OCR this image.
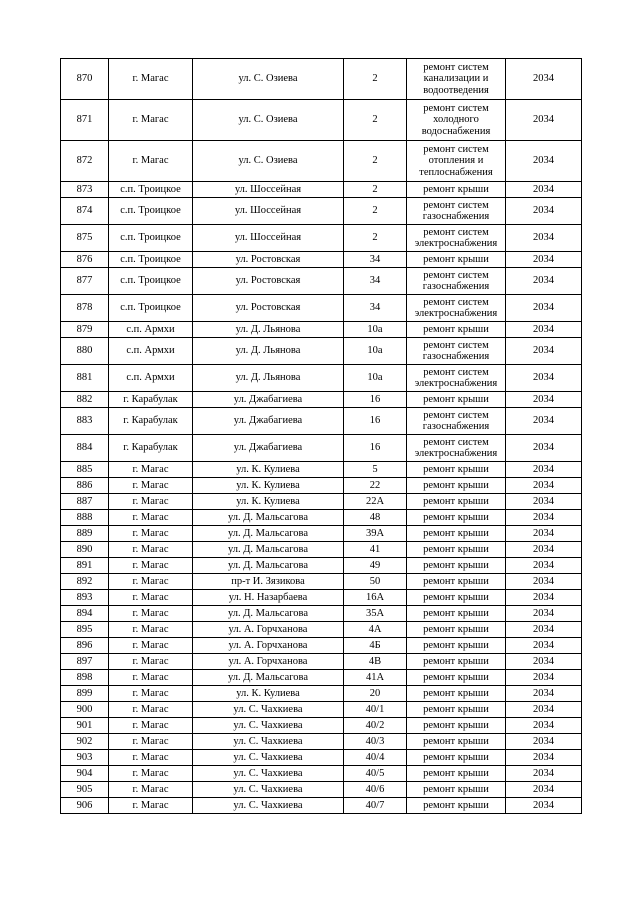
870	г. Магас	ул. С. Озиева	2	ремонт систем канализации и водоотведения	2034
871	г. Магас	ул. С. Озиева	2	ремонт систем холодного водоснабжения	2034
872	г. Магас	ул. С. Озиева	2	ремонт систем отопления и теплоснабжения	2034
873	с.п. Троицкое	ул. Шоссейная	2	ремонт крыши	2034
874	с.п. Троицкое	ул. Шоссейная	2	ремонт систем газоснабжения	2034
875	с.п. Троицкое	ул. Шоссейная	2	ремонт систем электроснабжения	2034
876	с.п. Троицкое	ул. Ростовская	34	ремонт крыши	2034
877	с.п. Троицкое	ул. Ростовская	34	ремонт систем газоснабжения	2034
878	с.п. Троицкое	ул. Ростовская	34	ремонт систем электроснабжения	2034
879	с.п. Армхи	ул. Д. Льянова	10а	ремонт крыши	2034
880	с.п. Армхи	ул. Д. Льянова	10а	ремонт систем газоснабжения	2034
881	с.п. Армхи	ул. Д. Льянова	10а	ремонт систем электроснабжения	2034
882	г. Карабулак	ул. Джабагиева	16	ремонт крыши	2034
883	г. Карабулак	ул. Джабагиева	16	ремонт систем газоснабжения	2034
884	г. Карабулак	ул. Джабагиева	16	ремонт систем электроснабжения	2034
885	г. Магас	ул. К. Кулиева	5	ремонт крыши	2034
886	г. Магас	ул. К. Кулиева	22	ремонт крыши	2034
887	г. Магас	ул. К. Кулиева	22А	ремонт крыши	2034
888	г. Магас	ул. Д. Мальсагова	48	ремонт крыши	2034
889	г. Магас	ул. Д. Мальсагова	39А	ремонт крыши	2034
890	г. Магас	ул. Д. Мальсагова	41	ремонт крыши	2034
891	г. Магас	ул. Д. Мальсагова	49	ремонт крыши	2034
892	г. Магас	пр-т И. Зязикова	50	ремонт крыши	2034
893	г. Магас	ул. Н. Назарбаева	16А	ремонт крыши	2034
894	г. Магас	ул. Д. Мальсагова	35А	ремонт крыши	2034
895	г. Магас	ул. А. Горчханова	4А	ремонт крыши	2034
896	г. Магас	ул. А. Горчханова	4Б	ремонт крыши	2034
897	г. Магас	ул. А. Горчханова	4В	ремонт крыши	2034
898	г. Магас	ул. Д. Мальсагова	41А	ремонт крыши	2034
899	г. Магас	ул. К. Кулиева	20	ремонт крыши	2034
900	г. Магас	ул. С. Чахкиева	40/1	ремонт крыши	2034
901	г. Магас	ул. С. Чахкиева	40/2	ремонт крыши	2034
902	г. Магас	ул. С. Чахкиева	40/3	ремонт крыши	2034
903	г. Магас	ул. С. Чахкиева	40/4	ремонт крыши	2034
904	г. Магас	ул. С. Чахкиева	40/5	ремонт крыши	2034
905	г. Магас	ул. С. Чахкиева	40/6	ремонт крыши	2034
906	г. Магас	ул. С. Чахкиева	40/7	ремонт крыши	2034
